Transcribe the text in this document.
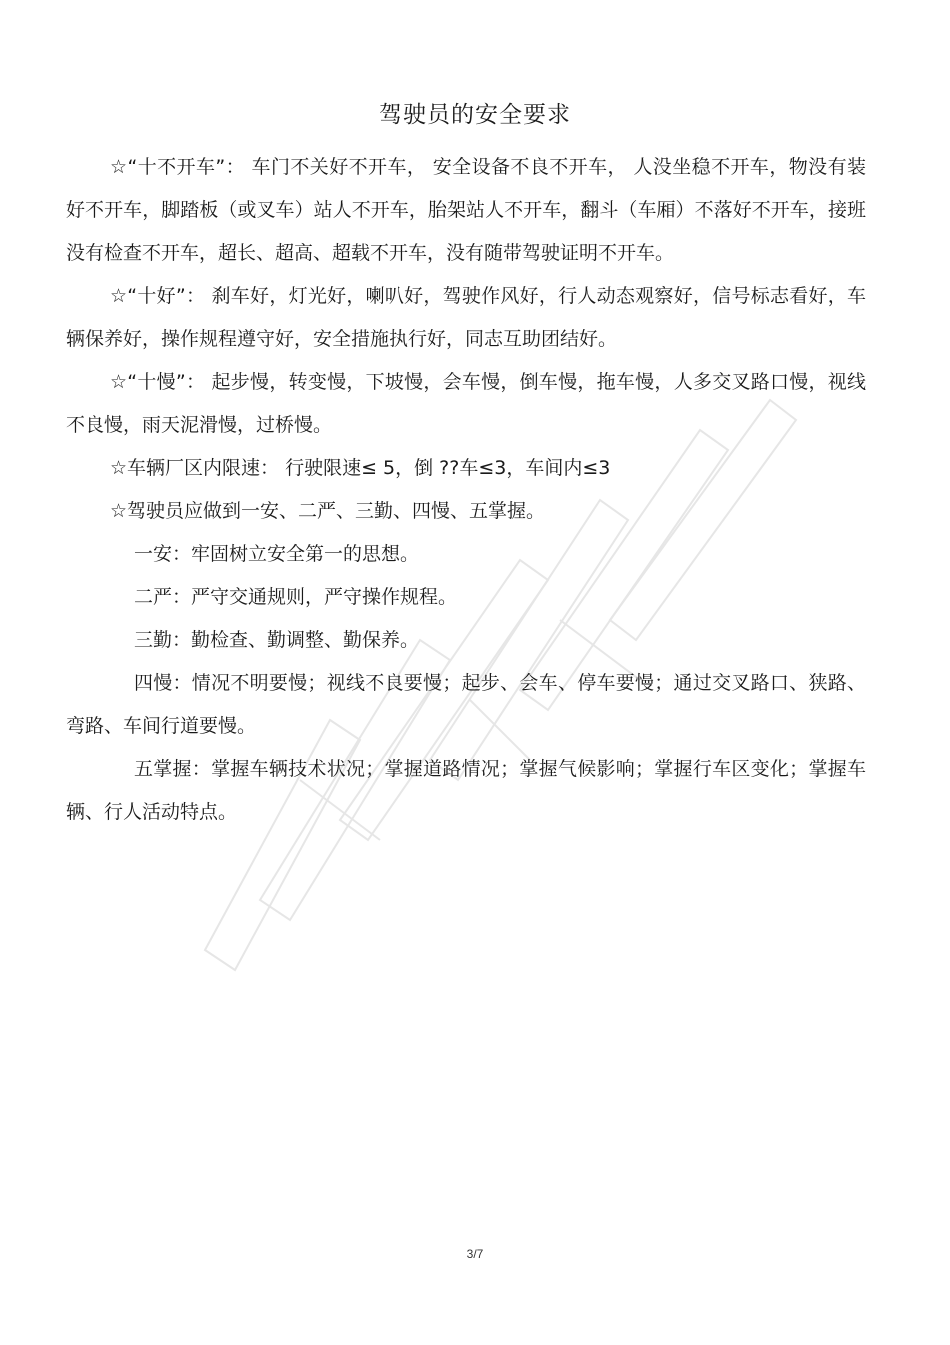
驾驶员的安全要求

☆“十不开车”： 车门不关好不开车， 安全设备不良不开车， 人没坐稳不开车，物没有装好不开车，脚踏板（或叉车）站人不开车，胎架站人不开车，翻斗（车厢）不落好不开车，接班没有检查不开车，超长、超高、超载不开车，没有随带驾驶证明不开车。

☆“十好”： 刹车好，灯光好，喇叭好，驾驶作风好，行人动态观察好，信号标志看好，车辆保养好，操作规程遵守好，安全措施执行好，同志互助团结好。

☆“十慢”： 起步慢，转变慢，下坡慢，会车慢，倒车慢，拖车慢，人多交叉路口慢，视线不良慢，雨天泥滑慢，过桥慢。

☆车辆厂区内限速： 行驶限速≤ 5，倒 ??车≤3，车间内≤3

☆驾驶员应做到一安、二严、三勤、四慢、五掌握。

一安：牢固树立安全第一的思想。

二严：严守交通规则，严守操作规程。

三勤：勤检查、勤调整、勤保养。

四慢：情况不明要慢；视线不良要慢；起步、会车、停车要慢；通过交叉路口、狭路、弯路、车间行道要慢。

五掌握：掌握车辆技术状况；掌握道路情况；掌握气候影响；掌握行车区变化；掌握车辆、行人活动特点。

3/7
